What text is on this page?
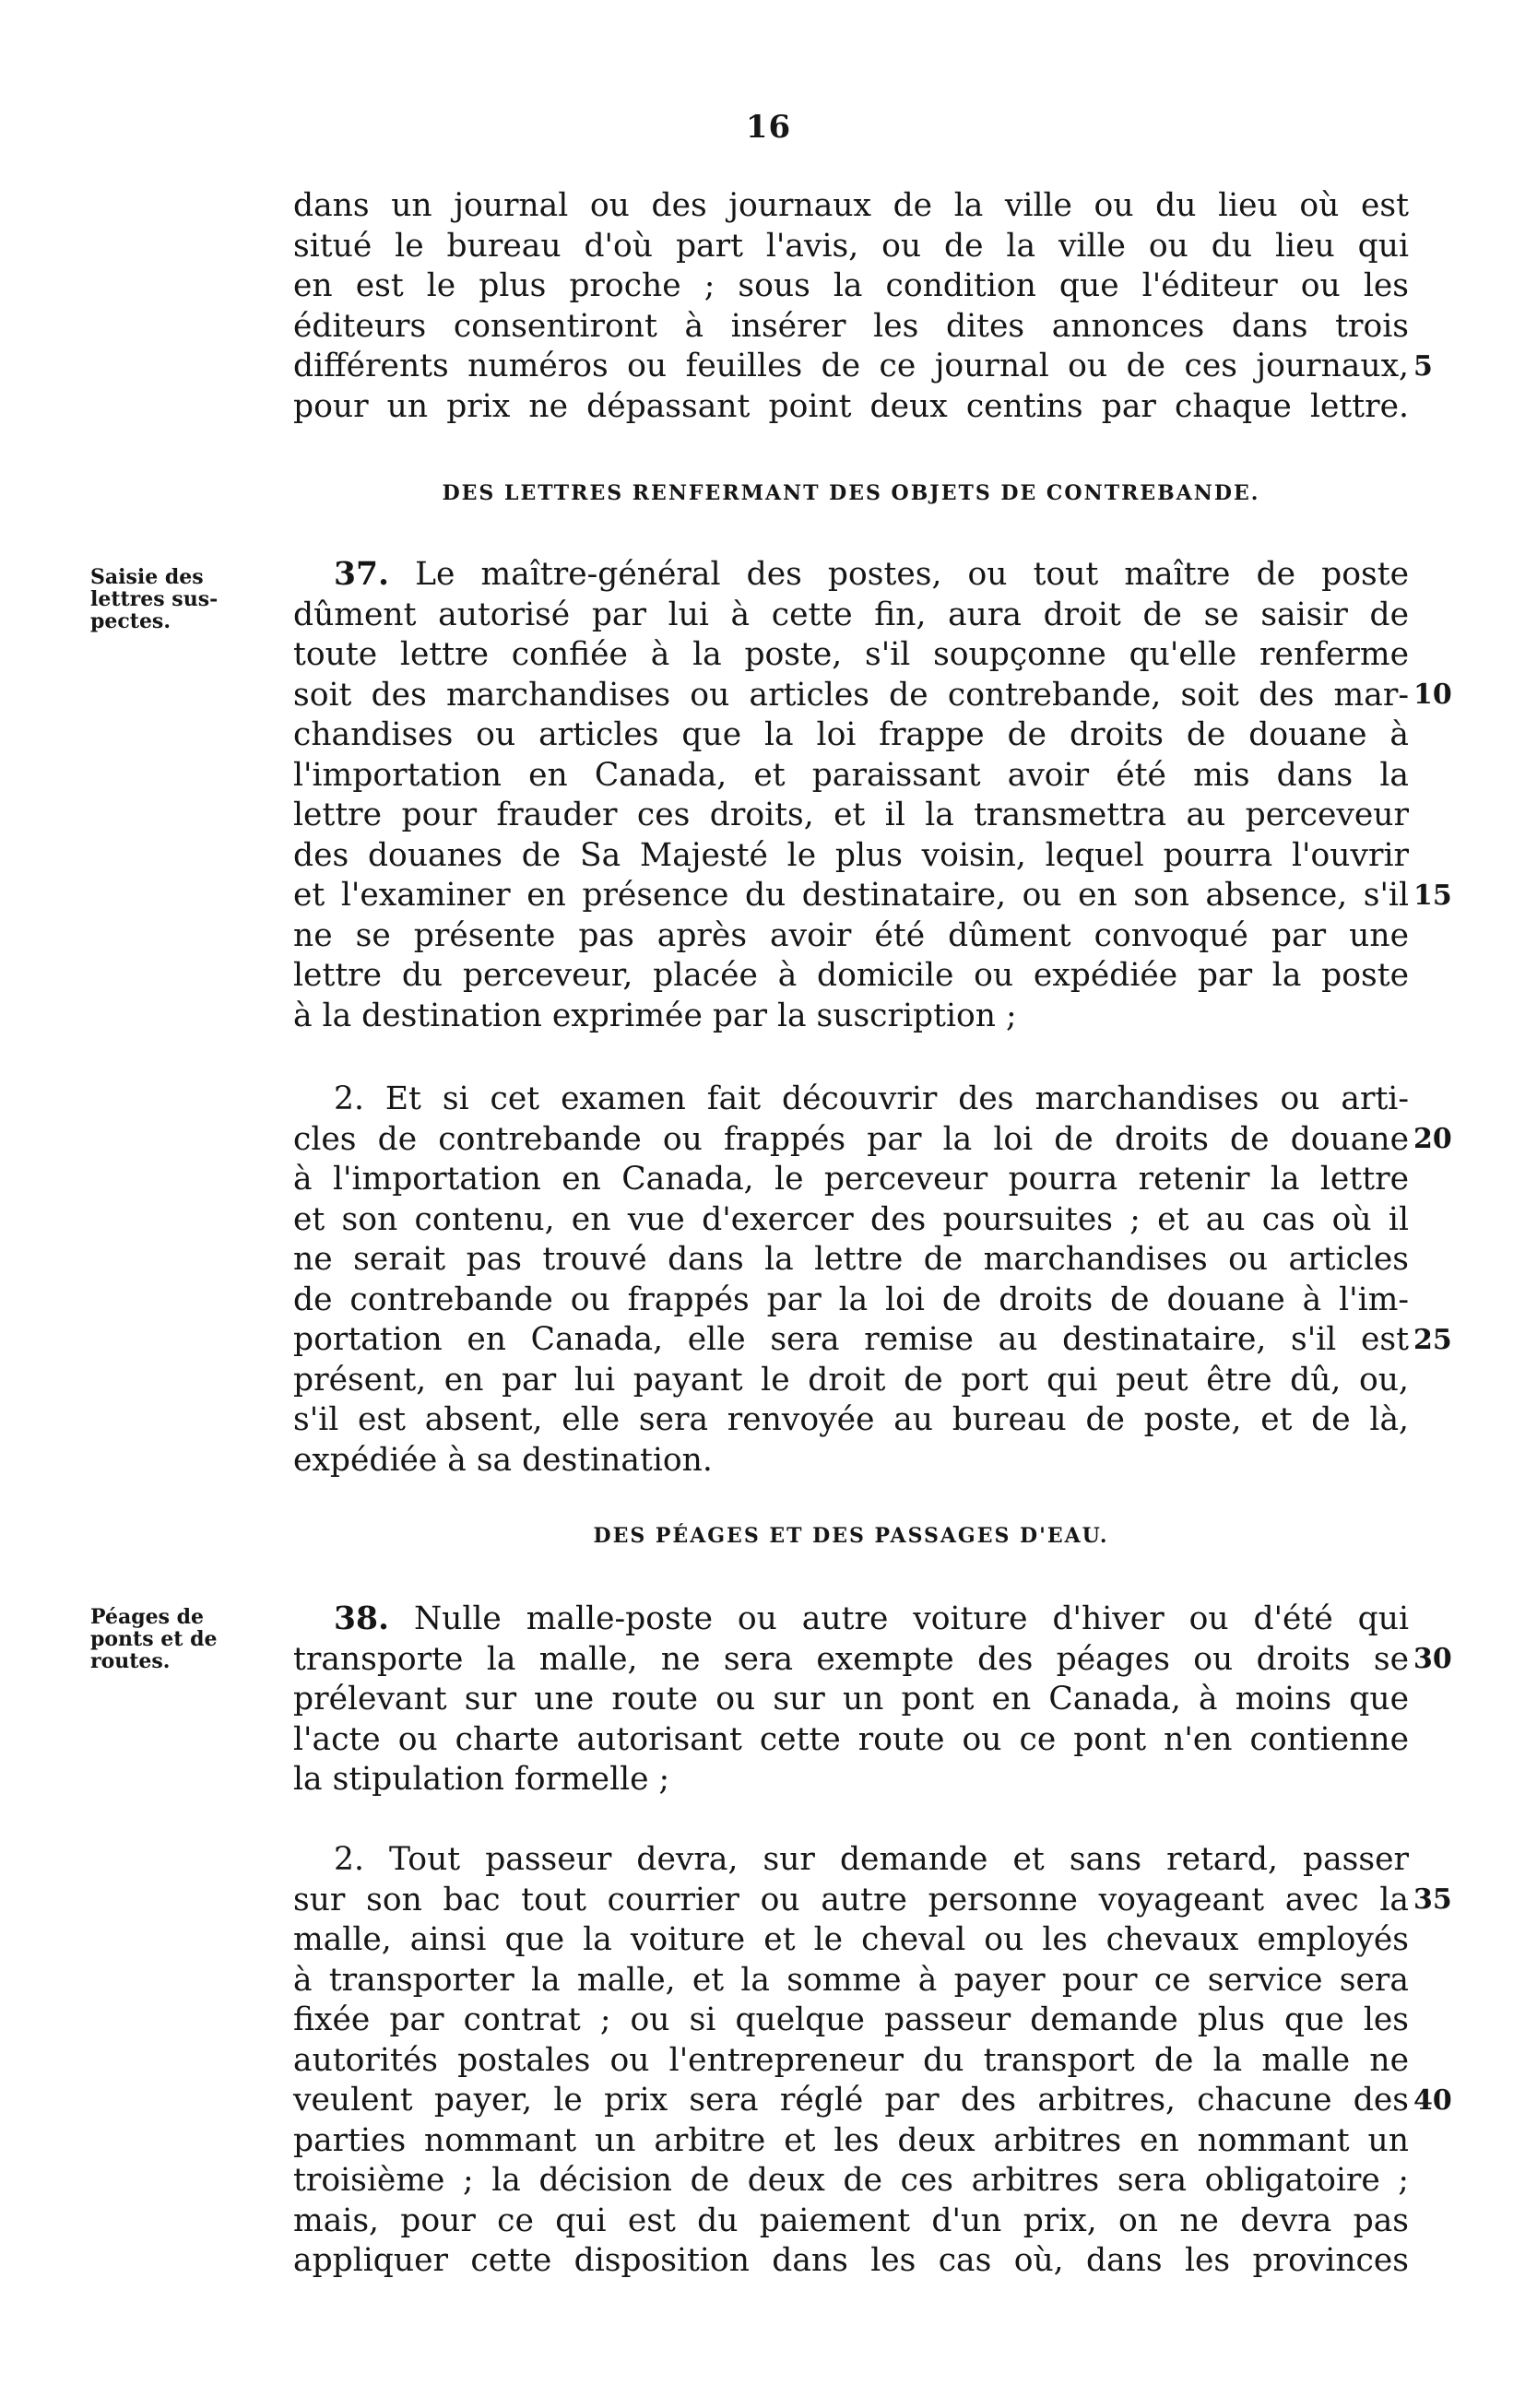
16
dans un journal ou des journaux de la ville ou du lieu où est
situé le bureau d'où part l'avis, ou de la ville ou du lieu qui
en est le plus proche ; sous la condition que l'éditeur ou les
éditeurs consentiront à insérer les dites annonces dans trois
différents numéros ou feuilles de ce journal ou de ces journaux,
pour un prix ne dépassant point deux centins par chaque lettre.
DES LETTRES RENFERMANT DES OBJETS DE CONTREBANDE.
Saisie des
lettres sus-
pectes.
37. Le maître-général des postes, ou tout maître de poste
dûment autorisé par lui à cette fin, aura droit de se saisir de
toute lettre confiée à la poste, s'il soupçonne qu'elle renferme
soit des marchandises ou articles de contrebande, soit des mar-
chandises ou articles que la loi frappe de droits de douane à
l'importation en Canada, et paraissant avoir été mis dans la
lettre pour frauder ces droits, et il la transmettra au perceveur
des douanes de Sa Majesté le plus voisin, lequel pourra l'ouvrir
et l'examiner en présence du destinataire, ou en son absence, s'il
ne se présente pas après avoir été dûment convoqué par une
lettre du perceveur, placée à domicile ou expédiée par la poste
à la destination exprimée par la suscription ;
2. Et si cet examen fait découvrir des marchandises ou arti-
cles de contrebande ou frappés par la loi de droits de douane
à l'importation en Canada, le perceveur pourra retenir la lettre
et son contenu, en vue d'exercer des poursuites ; et au cas où il
ne serait pas trouvé dans la lettre de marchandises ou articles
de contrebande ou frappés par la loi de droits de douane à l'im-
portation en Canada, elle sera remise au destinataire, s'il est
présent, en par lui payant le droit de port qui peut être dû, ou,
s'il est absent, elle sera renvoyée au bureau de poste, et de là,
expédiée à sa destination.
DES PÉAGES ET DES PASSAGES D'EAU.
Péages de
ponts et de
routes.
38. Nulle malle-poste ou autre voiture d'hiver ou d'été qui
transporte la malle, ne sera exempte des péages ou droits se
prélevant sur une route ou sur un pont en Canada, à moins que
l'acte ou charte autorisant cette route ou ce pont n'en contienne
la stipulation formelle ;
2. Tout passeur devra, sur demande et sans retard, passer
sur son bac tout courrier ou autre personne voyageant avec la
malle, ainsi que la voiture et le cheval ou les chevaux employés
à transporter la malle, et la somme à payer pour ce service sera
fixée par contrat ; ou si quelque passeur demande plus que les
autorités postales ou l'entrepreneur du transport de la malle ne
veulent payer, le prix sera réglé par des arbitres, chacune des
parties nommant un arbitre et les deux arbitres en nommant un
troisième ; la décision de deux de ces arbitres sera obligatoire ;
mais, pour ce qui est du paiement d'un prix, on ne devra pas
appliquer cette disposition dans les cas où, dans les provinces
5
10
15
20
25
30
35
40
